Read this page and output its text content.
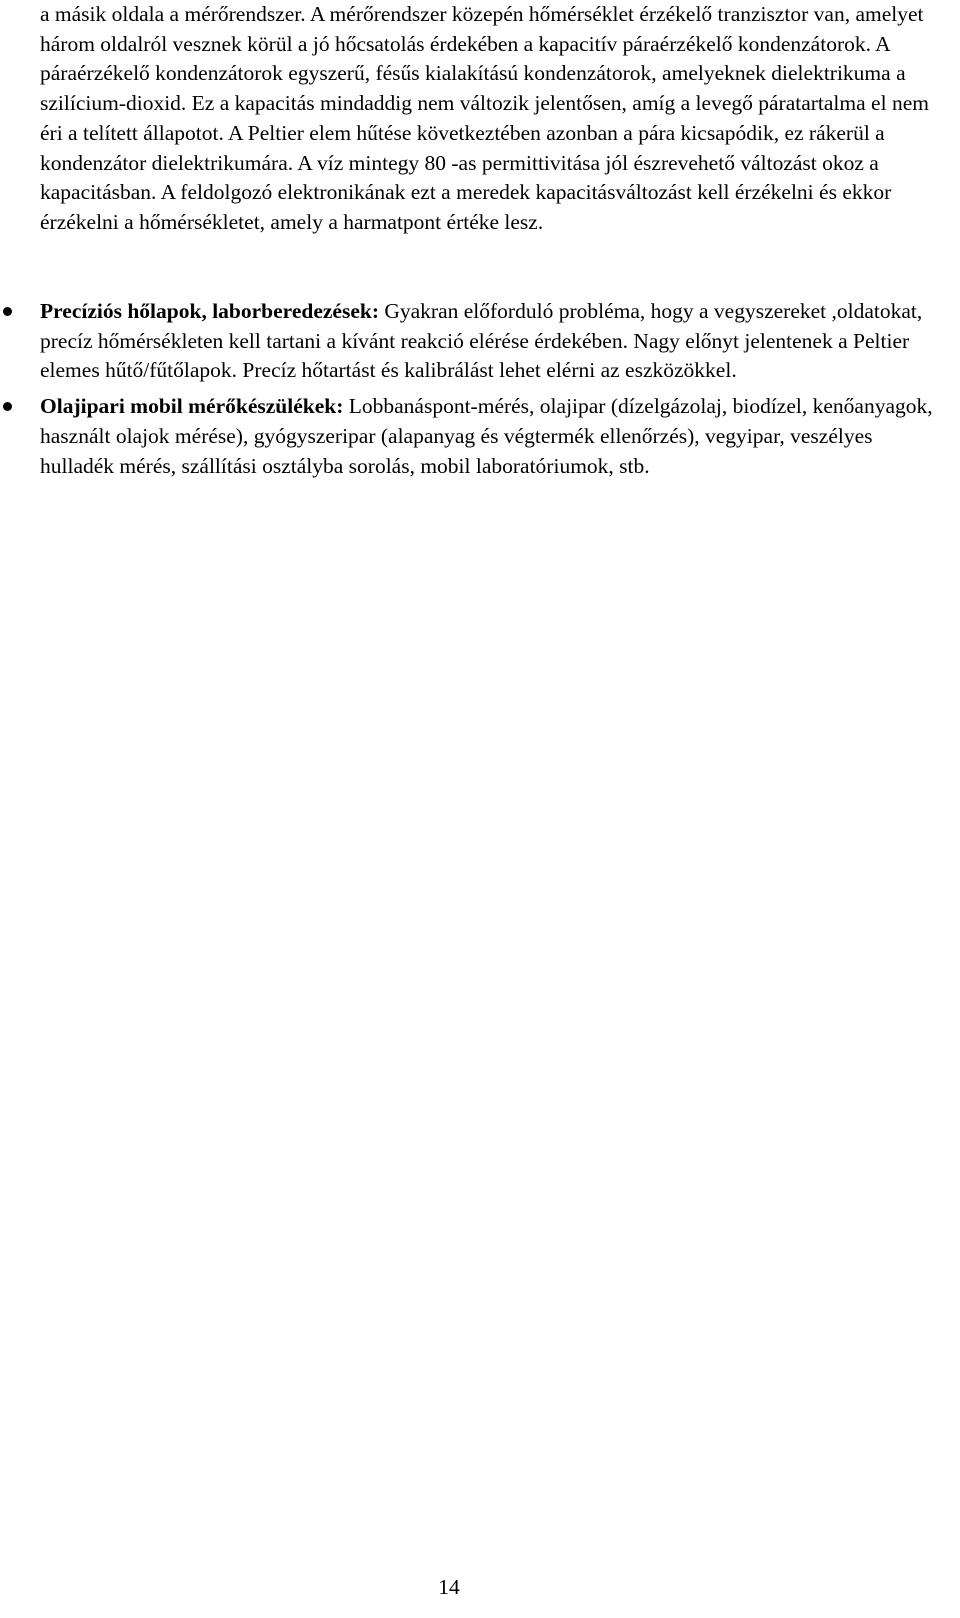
a másik oldala a mérőrendszer. A mérőrendszer közepén hőmérséklet érzékelő tranzisztor van, amelyet három oldalról vesznek körül a jó hőcsatolás érdekében a kapacitív páraérzékelő kondenzátorok. A páraérzékelő kondenzátorok egyszerű, fésűs kialakítású kondenzátorok, amelyeknek dielektrikuma a szilícium-dioxid. Ez a kapacitás mindaddig nem változik jelentősen, amíg a levegő páratartalma el nem éri a telített állapotot. A Peltier elem hűtése következtében azonban a pára kicsapódik, ez rákerül a kondenzátor dielektrikumára. A víz mintegy 80 -as permittivitása jól észrevehető változást okoz a kapacitásban. A feldolgozó elektronikának ezt a meredek kapacitásváltozást kell érzékelni és ekkor érzékelni a hőmérsékletet, amely a harmatpont értéke lesz.

Precíziós hőlapok, laborberedezések: Gyakran előforduló probléma, hogy a vegyszereket ,oldatokat, precíz hőmérsékleten kell tartani a kívánt reakció elérése érdekében. Nagy előnyt jelentenek a Peltier elemes hűtő/fűtőlapok. Precíz hőtartást és kalibrálást lehet elérni az eszközökkel.
Olajipari mobil mérőkészülékek: Lobbanáspont-mérés, olajipar (dízelgázolaj, biodízel, kenőanyagok, használt olajok mérése), gyógyszeripar (alapanyag és végtermék ellenőrzés), vegyipar, veszélyes hulladék mérés, szállítási osztályba sorolás, mobil laboratóriumok, stb.
14
